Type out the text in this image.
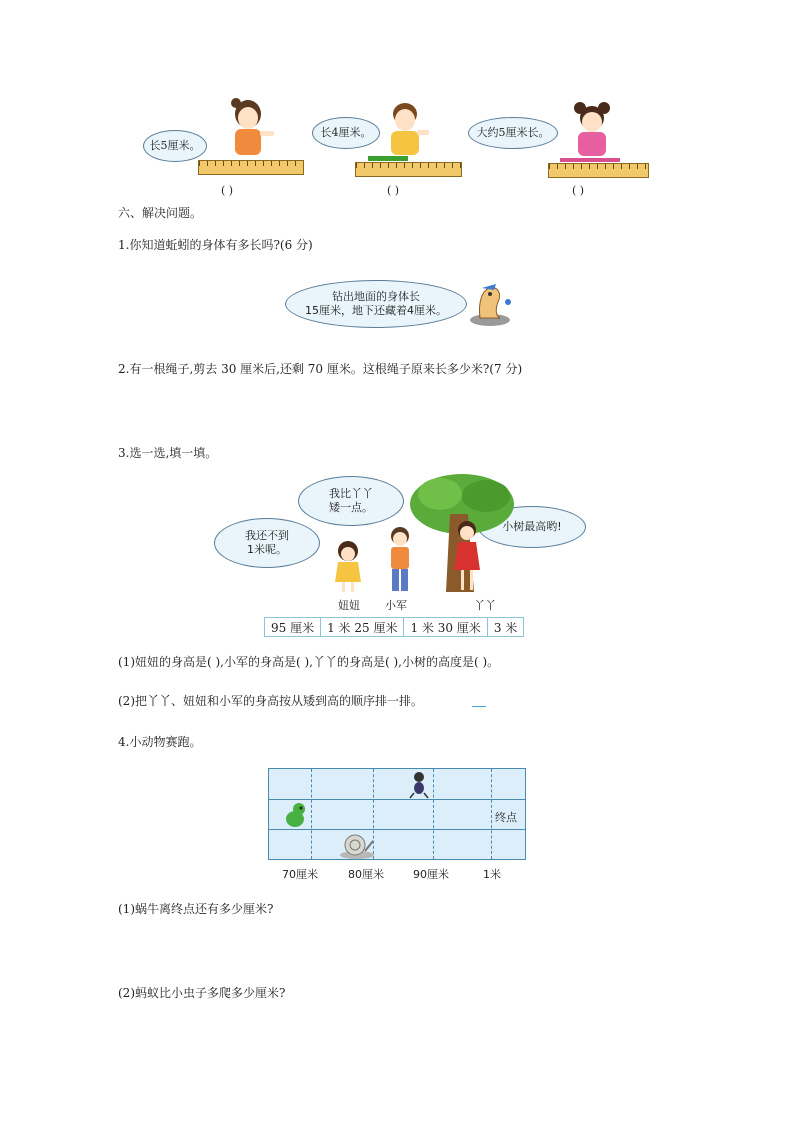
长5厘米。
( )
长4厘米。
( )
大约5厘米长。
( )
六、解决问题。
1.你知道蚯蚓的身体有多长吗?(6 分)
钻出地面的身体长
15厘米，地下还藏着4厘米。
2.有一根绳子,剪去 30 厘米后,还剩 70 厘米。这根绳子原来长多少米?(7 分)
3.选一选,填一填。
我还不到
1米呢。
我比丫丫
矮一点。
小树最高哟!
妞妞 小军	丫丫
95 厘米	1 米 25 厘米	1 米 30 厘米	3 米
(1)妞妞的身高是( ),小军的身高是( ),丫丫的身高是( ),小树的高度是( )。
(2)把丫丫、妞妞和小军的身高按从矮到高的顺序排一排。
4.小动物赛跑。
终点
70厘米	80厘米	90厘米	1米
(1)蜗牛离终点还有多少厘米?
(2)蚂蚁比小虫子多爬多少厘米?
